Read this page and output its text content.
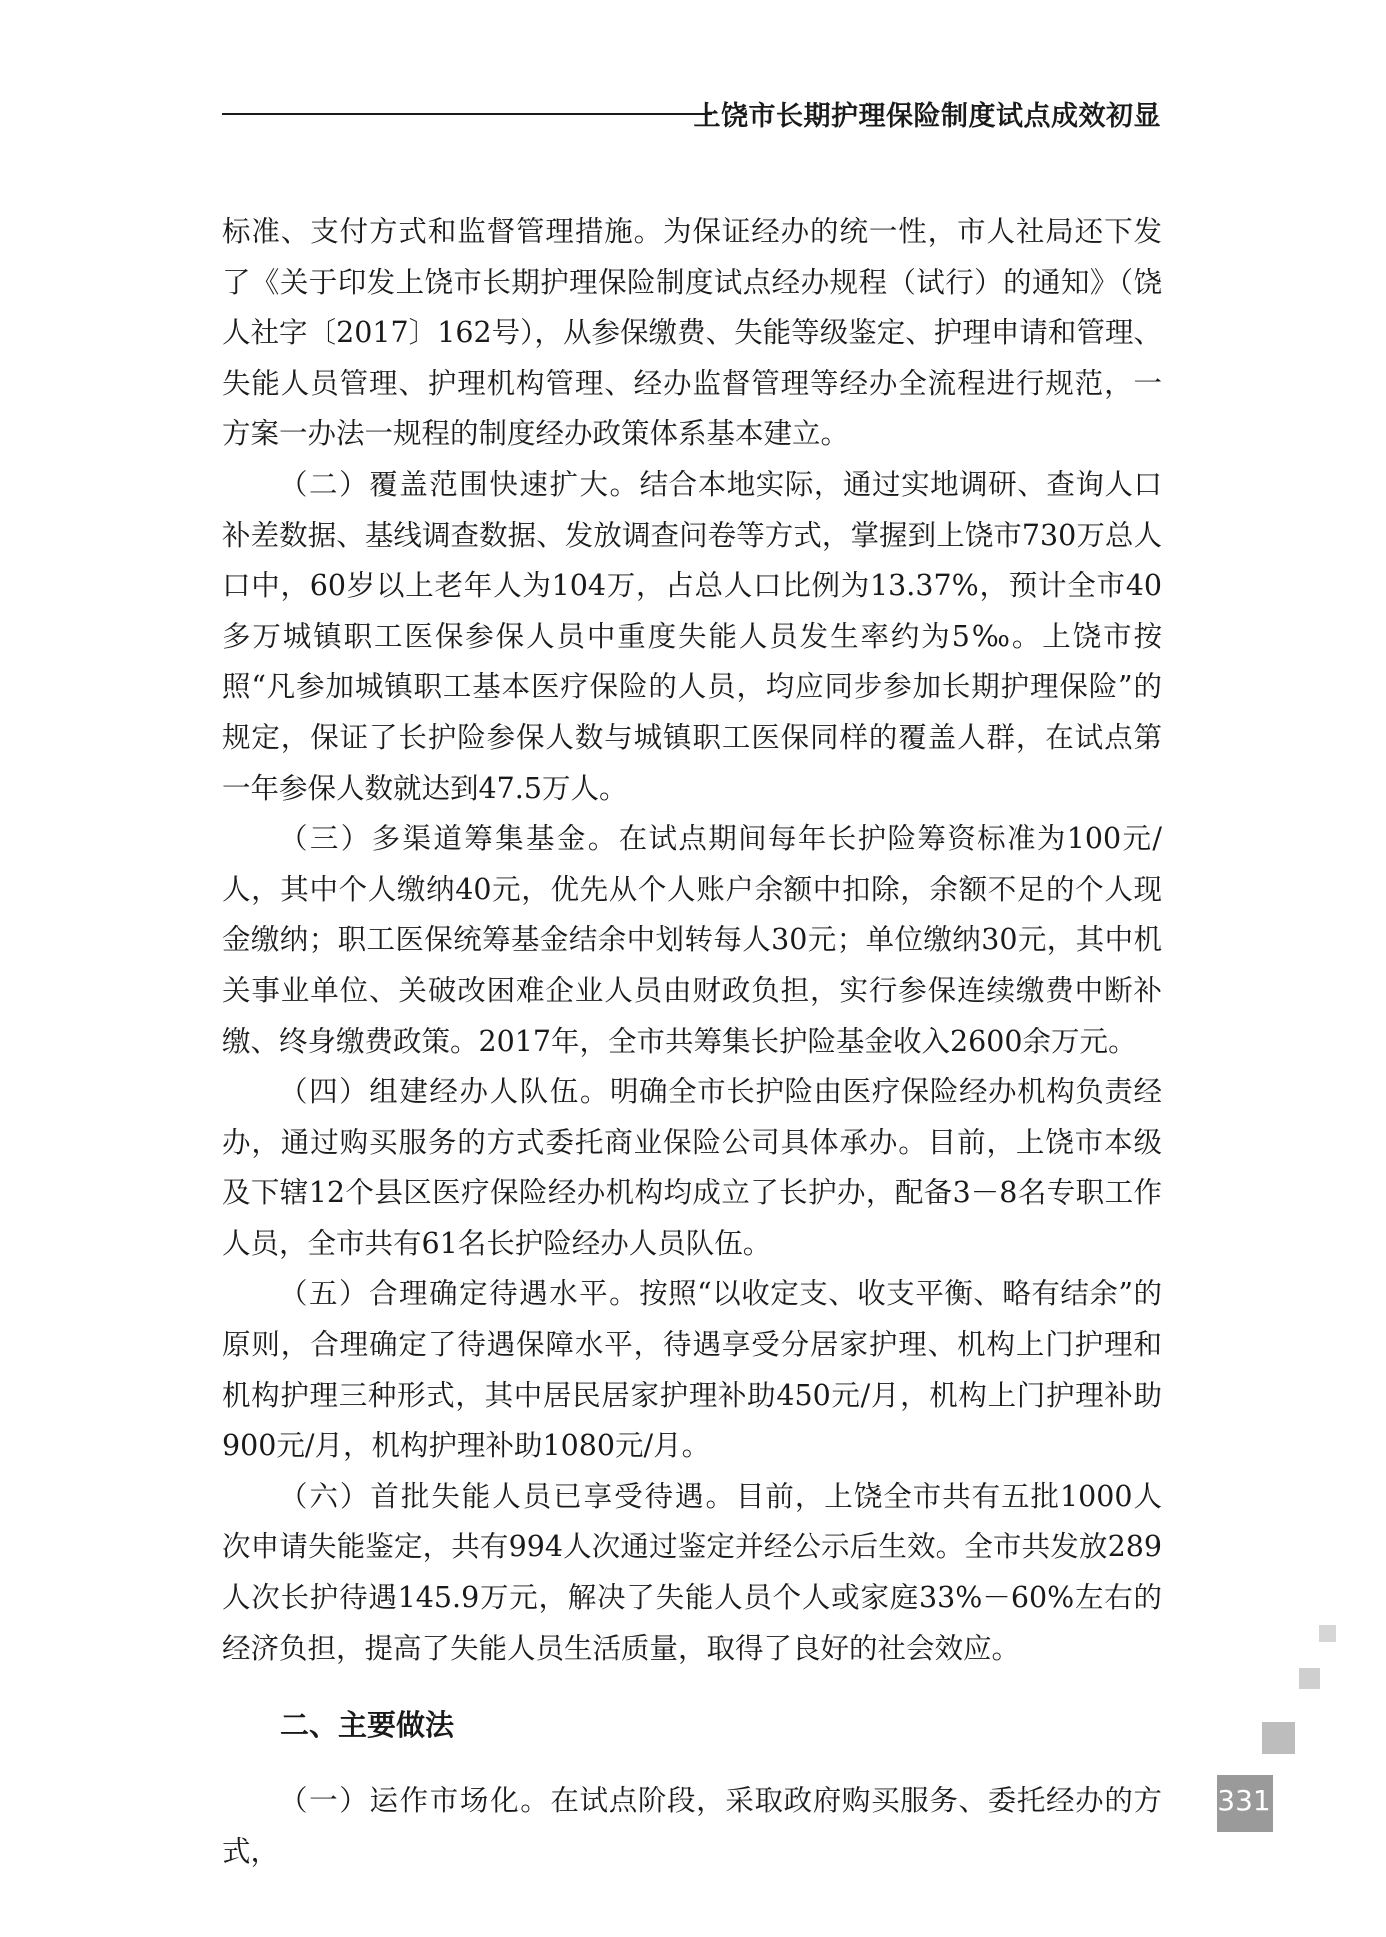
上饶市长期护理保险制度试点成效初显

标准、支付方式和监督管理措施。为保证经办的统一性，市人社局还下发了《关于印发上饶市长期护理保险制度试点经办规程（试行）的通知》（饶人社字〔2017〕162号），从参保缴费、失能等级鉴定、护理申请和管理、失能人员管理、护理机构管理、经办监督管理等经办全流程进行规范，一方案一办法一规程的制度经办政策体系基本建立。

（二）覆盖范围快速扩大。结合本地实际，通过实地调研、查询人口补差数据、基线调查数据、发放调查问卷等方式，掌握到上饶市730万总人口中，60岁以上老年人为104万，占总人口比例为13.37%，预计全市40多万城镇职工医保参保人员中重度失能人员发生率约为5‰。上饶市按照“凡参加城镇职工基本医疗保险的人员，均应同步参加长期护理保险”的规定，保证了长护险参保人数与城镇职工医保同样的覆盖人群，在试点第一年参保人数就达到47.5万人。

（三）多渠道筹集基金。在试点期间每年长护险筹资标准为100元/人，其中个人缴纳40元，优先从个人账户余额中扣除，余额不足的个人现金缴纳；职工医保统筹基金结余中划转每人30元；单位缴纳30元，其中机关事业单位、关破改困难企业人员由财政负担，实行参保连续缴费中断补缴、终身缴费政策。2017年，全市共筹集长护险基金收入2600余万元。

（四）组建经办人队伍。明确全市长护险由医疗保险经办机构负责经办，通过购买服务的方式委托商业保险公司具体承办。目前，上饶市本级及下辖12个县区医疗保险经办机构均成立了长护办，配备3－8名专职工作人员，全市共有61名长护险经办人员队伍。

（五）合理确定待遇水平。按照“以收定支、收支平衡、略有结余”的原则，合理确定了待遇保障水平，待遇享受分居家护理、机构上门护理和机构护理三种形式，其中居民居家护理补助450元/月，机构上门护理补助900元/月，机构护理补助1080元/月。

（六）首批失能人员已享受待遇。目前，上饶全市共有五批1000人次申请失能鉴定，共有994人次通过鉴定并经公示后生效。全市共发放289人次长护待遇145.9万元，解决了失能人员个人或家庭33%－60%左右的经济负担，提高了失能人员生活质量，取得了良好的社会效应。

二、主要做法

（一）运作市场化。在试点阶段，采取政府购买服务、委托经办的方式，

331
